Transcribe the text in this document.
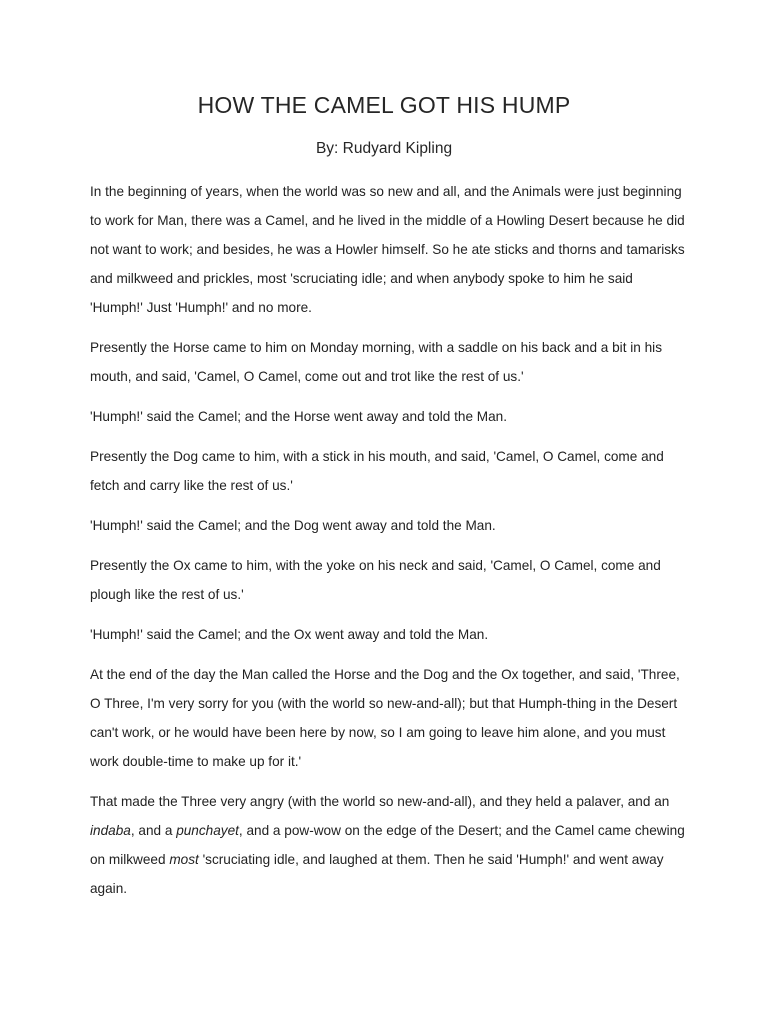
HOW THE CAMEL GOT HIS HUMP

By: Rudyard Kipling

In the beginning of years, when the world was so new and all, and the Animals were just beginning to work for Man, there was a Camel, and he lived in the middle of a Howling Desert because he did not want to work; and besides, he was a Howler himself. So he ate sticks and thorns and tamarisks and milkweed and prickles, most 'scruciating idle; and when anybody spoke to him he said 'Humph!' Just 'Humph!' and no more.

Presently the Horse came to him on Monday morning, with a saddle on his back and a bit in his mouth, and said, 'Camel, O Camel, come out and trot like the rest of us.'

'Humph!' said the Camel; and the Horse went away and told the Man.

Presently the Dog came to him, with a stick in his mouth, and said, 'Camel, O Camel, come and fetch and carry like the rest of us.'

'Humph!' said the Camel; and the Dog went away and told the Man.

Presently the Ox came to him, with the yoke on his neck and said, 'Camel, O Camel, come and plough like the rest of us.'

'Humph!' said the Camel; and the Ox went away and told the Man.

At the end of the day the Man called the Horse and the Dog and the Ox together, and said, 'Three, O Three, I'm very sorry for you (with the world so new-and-all); but that Humph-thing in the Desert can't work, or he would have been here by now, so I am going to leave him alone, and you must work double-time to make up for it.'

That made the Three very angry (with the world so new-and-all), and they held a palaver, and an indaba, and a punchayet, and a pow-wow on the edge of the Desert; and the Camel came chewing on milkweed most 'scruciating idle, and laughed at them. Then he said 'Humph!' and went away again.
